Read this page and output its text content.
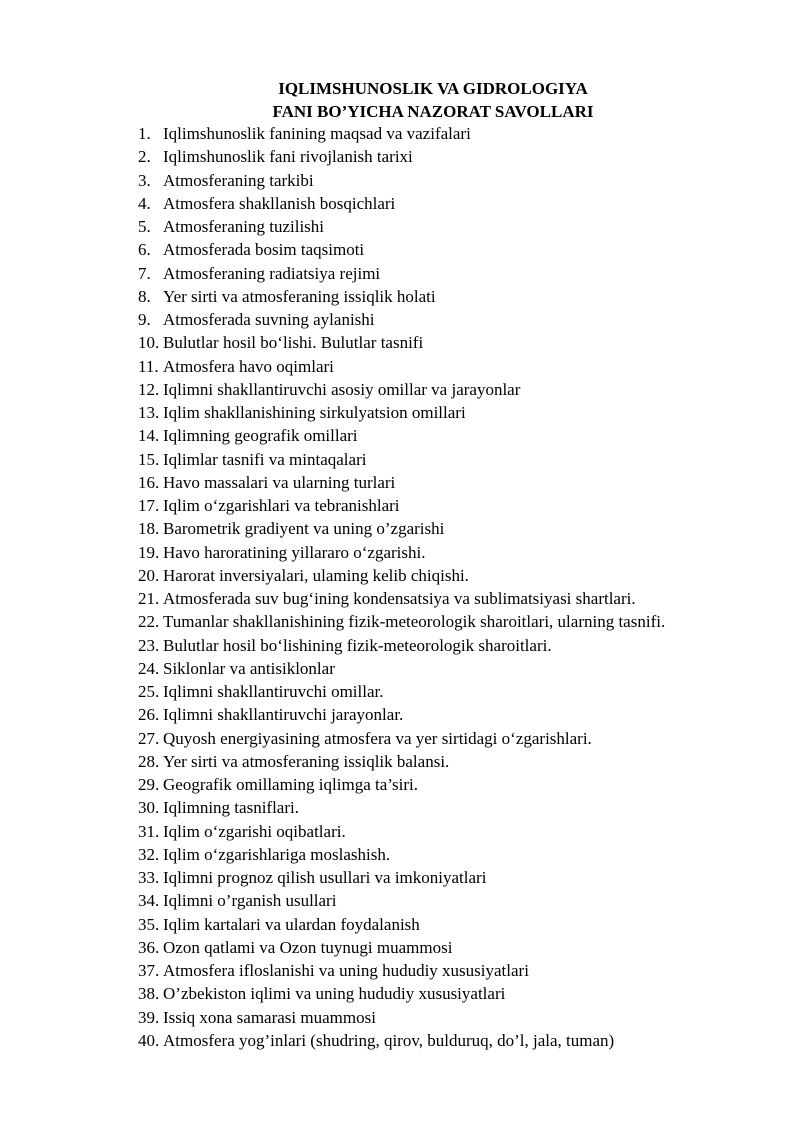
IQLIMSHUNOSLIK VA GIDROLOGIYA
FANI BO’YICHA NAZORAT SAVOLLARI
1. Iqlimshunoslik fanining maqsad va vazifalari
2. Iqlimshunoslik fani rivojlanish tarixi
3. Atmosferaning tarkibi
4. Atmosfera shakllanish bosqichlari
5. Atmosferaning tuzilishi
6. Atmosferada bosim taqsimoti
7. Atmosferaning radiatsiya rejimi
8. Yer sirti va atmosferaning issiqlik holati
9. Atmosferada suvning aylanishi
10. Bulutlar hosil bo‘lishi. Bulutlar tasnifi
11. Atmosfera havo oqimlari
12. Iqlimni shakllantiruvchi asosiy omillar va jarayonlar
13. Iqlim shakllanishining sirkulyatsion omillari
14. Iqlimning geografik omillari
15. Iqlimlar tasnifi va mintaqalari
16. Havo massalari va ularning turlari
17. Iqlim o‘zgarishlari va tebranishlari
18. Barometrik gradiyent va uning o’zgarishi
19. Havo haroratining yillararo o‘zgarishi.
20. Harorat inversiyalari, ulaming kelib chiqishi.
21. Atmosferada suv bug‘ining kondensatsiya va sublimatsiyasi shartlari.
22. Tumanlar shakllanishining fizik-meteorologik sharoitlari, ularning tasnifi.
23. Bulutlar hosil bo‘lishining fizik-meteorologik sharoitlari.
24. Siklonlar va antisiklonlar
25. Iqlimni shakllantiruvchi omillar.
26. Iqlimni shakllantiruvchi jarayonlar.
27. Quyosh energiyasining atmosfera va yer sirtidagi o‘zgarishlari.
28. Yer sirti va atmosferaning issiqlik balansi.
29. Geografik omillaming iqlimga ta’siri.
30. Iqlimning tasniflari.
31. Iqlim o‘zgarishi oqibatlari.
32. Iqlim o‘zgarishlariga moslashish.
33. Iqlimni prognoz qilish usullari va imkoniyatlari
34. Iqlimni o’rganish usullari
35. Iqlim kartalari va ulardan foydalanish
36. Ozon qatlami va Ozon tuynugi muammosi
37. Atmosfera ifloslanishi va uning hududiy xususiyatlari
38. O’zbekiston iqlimi va uning hududiy xususiyatlari
39. Issiq xona samarasi muammosi
40. Atmosfera yog’inlari (shudring, qirov, bulduruq, do’l, jala, tuman)
